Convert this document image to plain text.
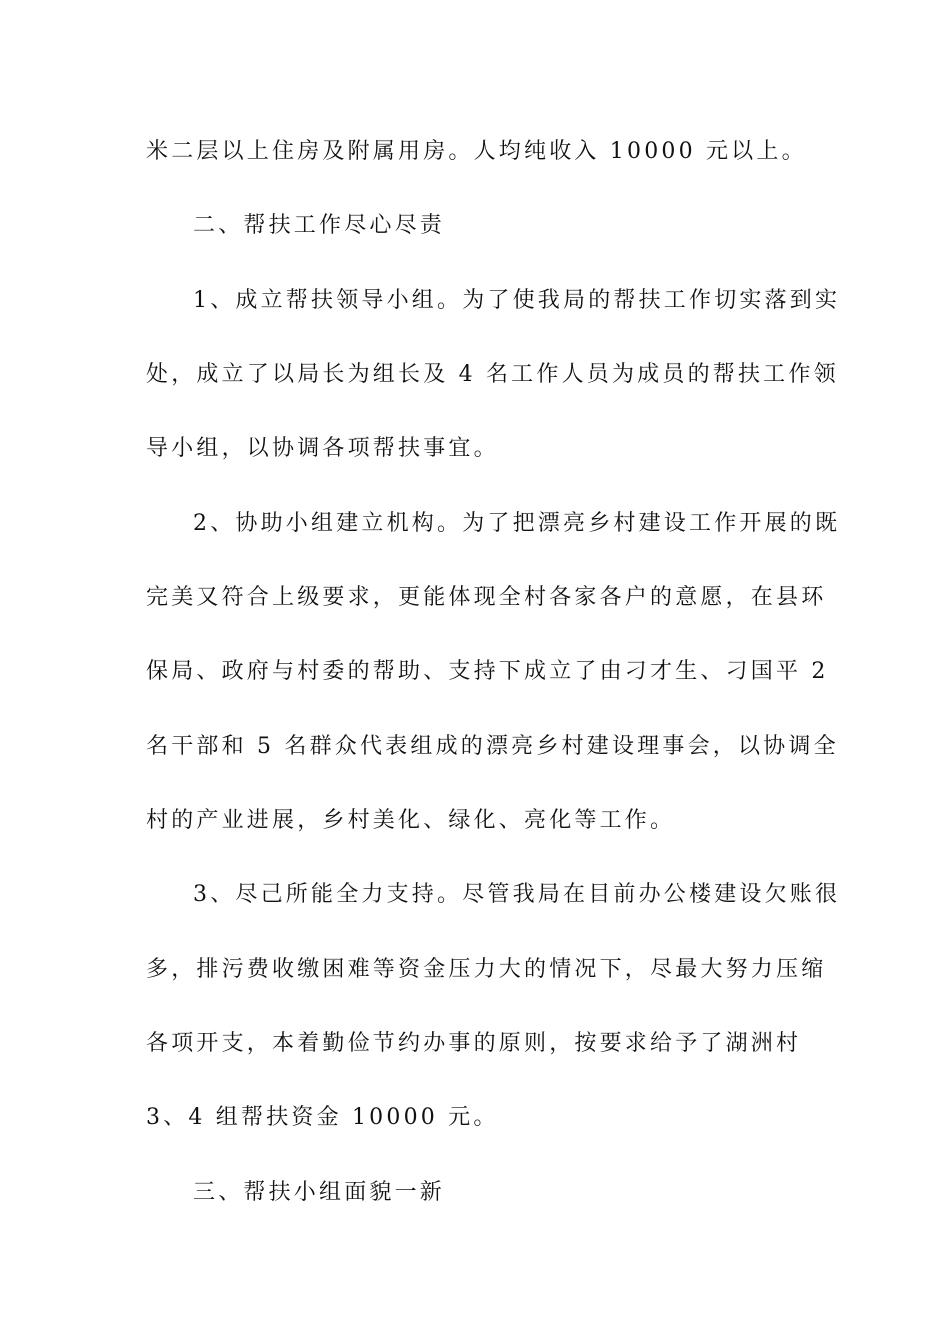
米二层以上住房及附属用房。人均纯收入 10000 元以上。
二、帮扶工作尽心尽责
1、成立帮扶领导小组。为了使我局的帮扶工作切实落到实
处，成立了以局长为组长及 4 名工作人员为成员的帮扶工作领
导小组，以协调各项帮扶事宜。
2、协助小组建立机构。为了把漂亮乡村建设工作开展的既
完美又符合上级要求，更能体现全村各家各户的意愿，在县环
保局、政府与村委的帮助、支持下成立了由刁才生、刁国平 2
名干部和 5 名群众代表组成的漂亮乡村建设理事会，以协调全
村的产业进展，乡村美化、绿化、亮化等工作。
3、尽己所能全力支持。尽管我局在目前办公楼建设欠账很
多，排污费收缴困难等资金压力大的情况下，尽最大努力压缩
各项开支，本着勤俭节约办事的原则，按要求给予了湖洲村
3、4 组帮扶资金 10000 元。
三、帮扶小组面貌一新
